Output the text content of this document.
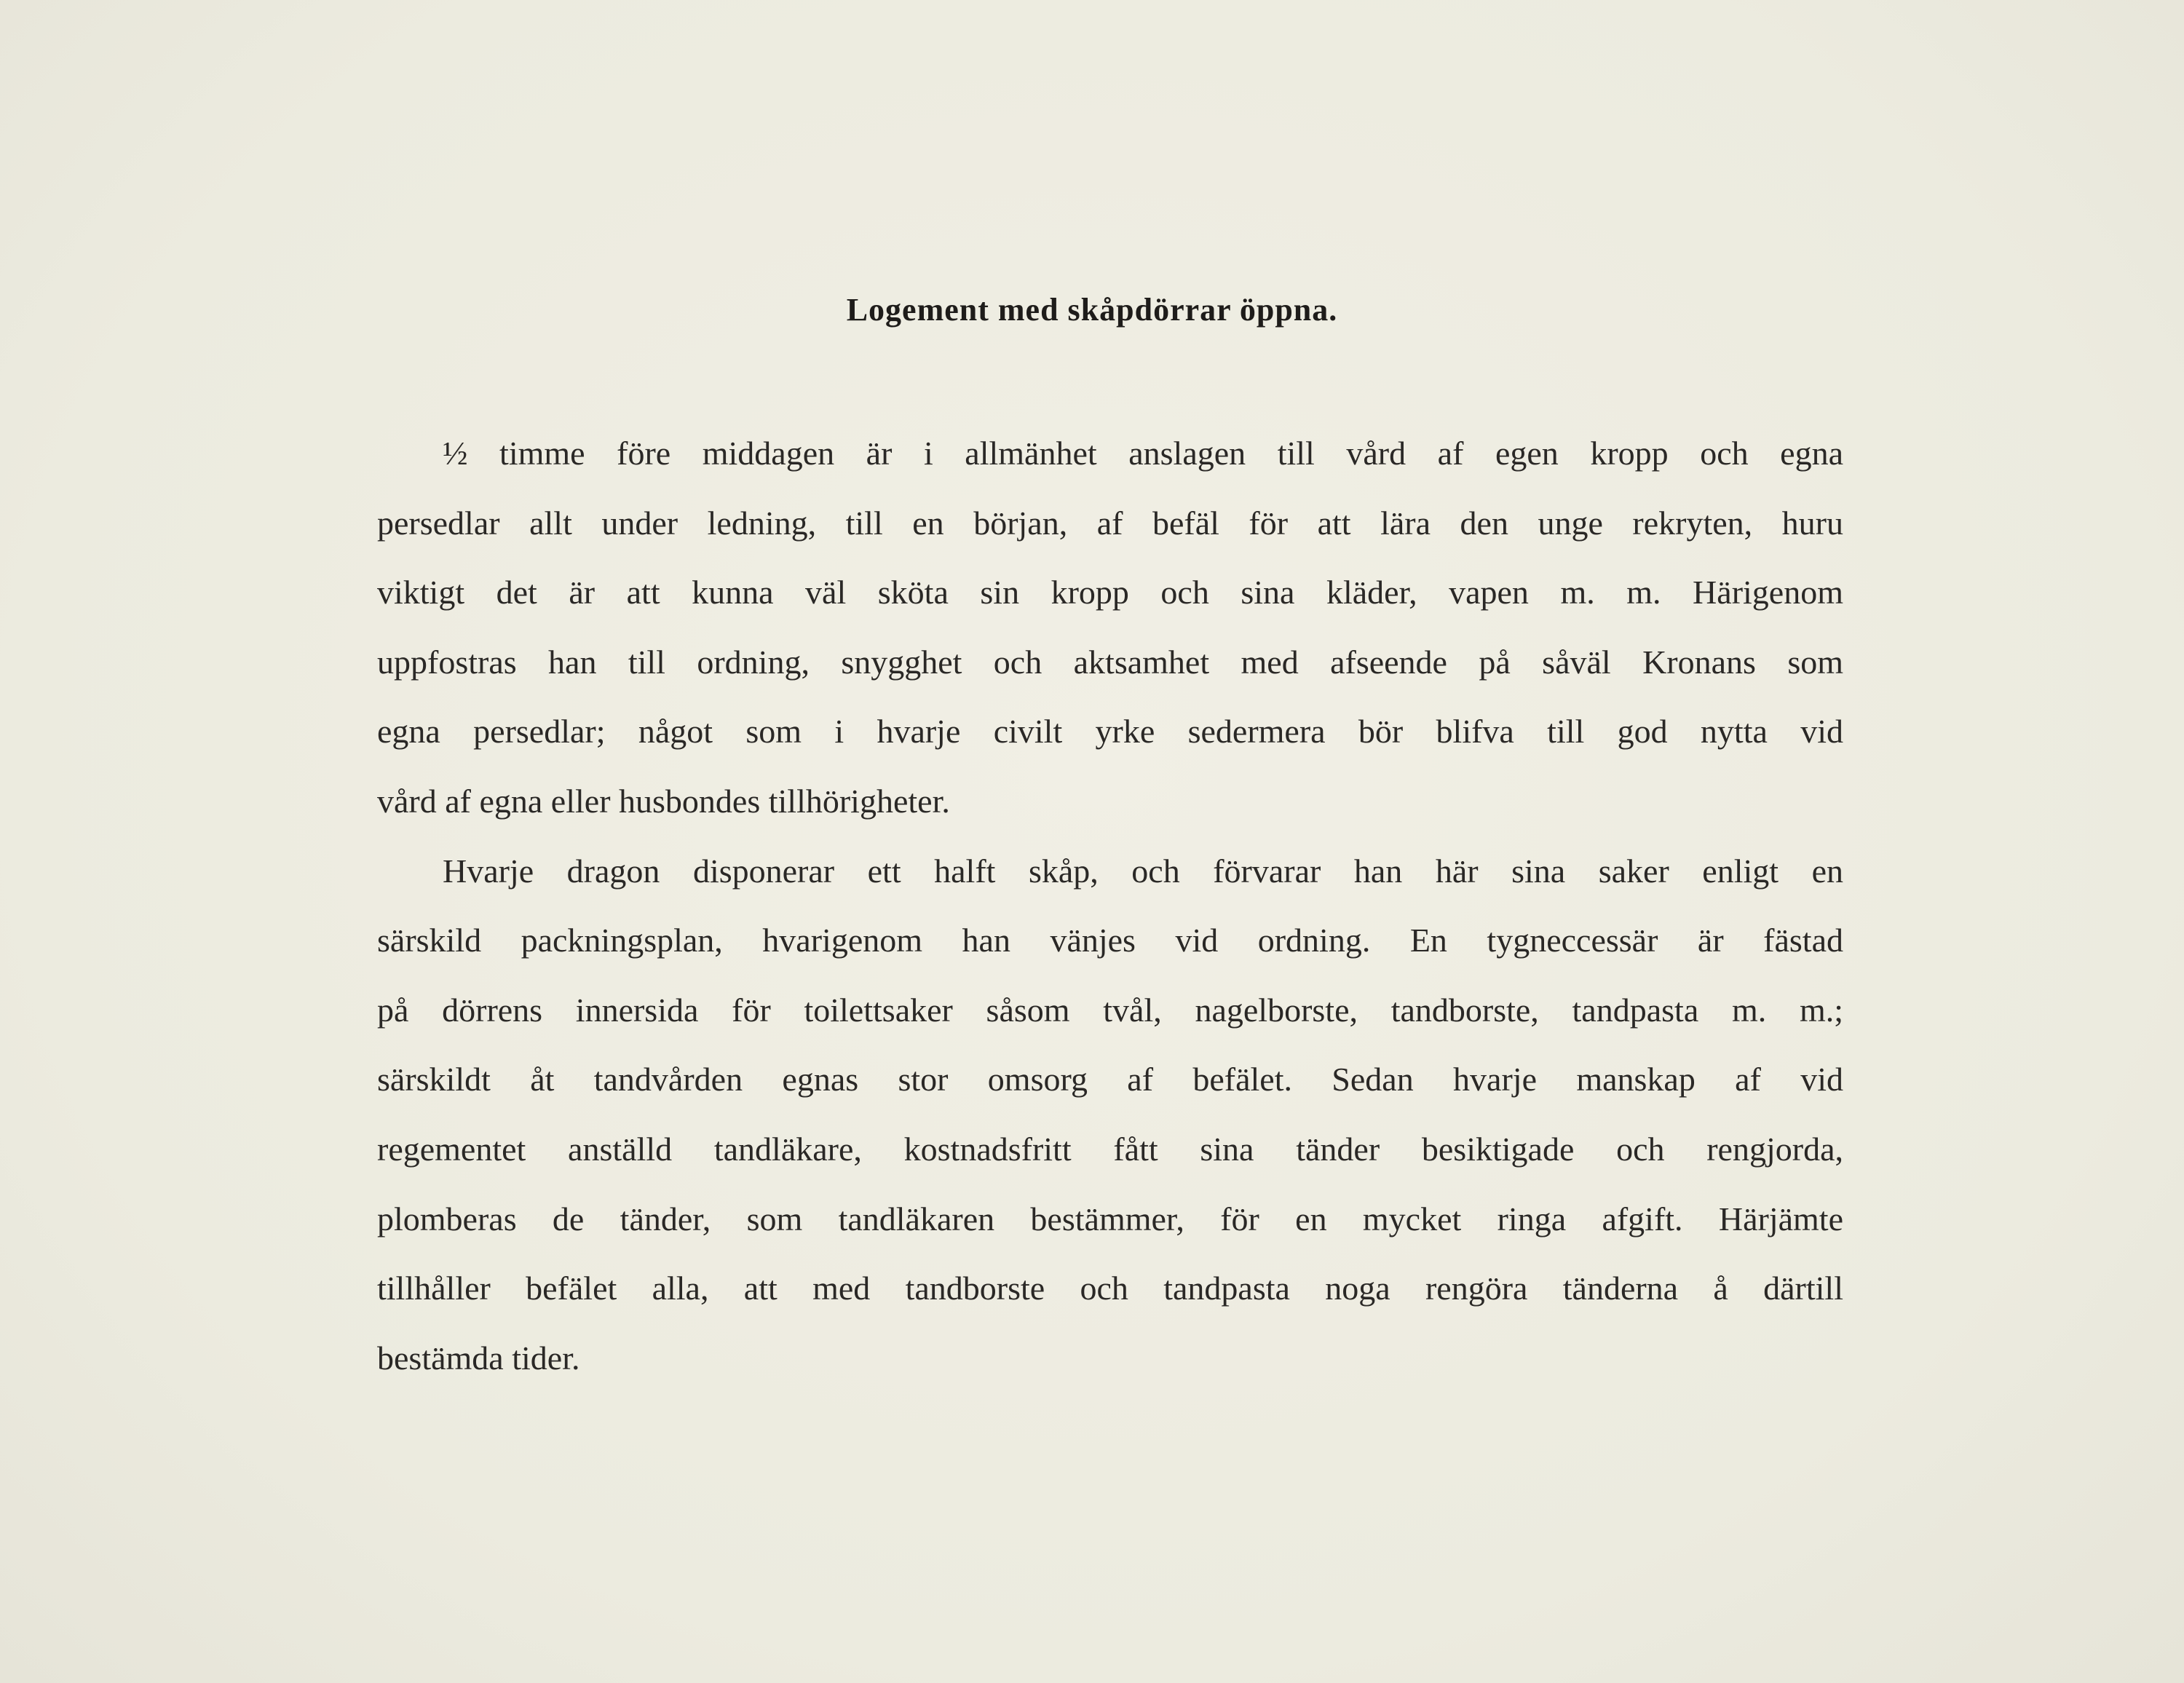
Logement med skåpdörrar öppna.
½ timme före middagen är i allmänhet anslagen till vård af egen kropp och egna
persedlar allt under ledning, till en början, af befäl för att lära den unge rekryten, huru
viktigt det är att kunna väl sköta sin kropp och sina kläder, vapen m. m. Härigenom
uppfostras han till ordning, snygghet och aktsamhet med afseende på såväl Kronans som
egna persedlar; något som i hvarje civilt yrke sedermera bör blifva till god nytta vid
vård af egna eller husbondes tillhörigheter.
Hvarje dragon disponerar ett halft skåp, och förvarar han här sina saker enligt en
särskild packningsplan, hvarigenom han vänjes vid ordning. En tygneccessär är fästad
på dörrens innersida för toilettsaker såsom tvål, nagelborste, tandborste, tandpasta m. m.;
särskildt åt tandvården egnas stor omsorg af befälet. Sedan hvarje manskap af vid
regementet anställd tandläkare, kostnadsfritt fått sina tänder besiktigade och rengjorda,
plomberas de tänder, som tandläkaren bestämmer, för en mycket ringa afgift. Härjämte
tillhåller befälet alla, att med tandborste och tandpasta noga rengöra tänderna å därtill
bestämda tider.
